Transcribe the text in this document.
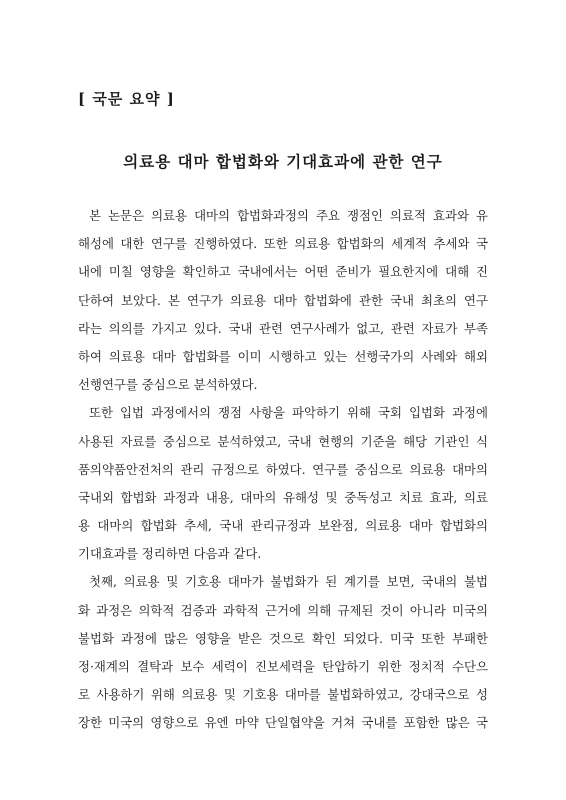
[ 국문 요약 ]
의료용 대마 합법화와 기대효과에 관한 연구
본 논문은 의료용 대마의 합법화과정의 주요 쟁점인 의료적 효과와 유
해성에 대한 연구를 진행하였다. 또한 의료용 합법화의 세계적 추세와 국
내에 미칠 영향을 확인하고 국내에서는 어떤 준비가 필요한지에 대해 진
단하여 보았다. 본 연구가 의료용 대마 합법화에 관한 국내 최초의 연구
라는 의의를 가지고 있다. 국내 관련 연구사례가 없고, 관련 자료가 부족
하여 의료용 대마 합법화를 이미 시행하고 있는 선행국가의 사례와 해외
선행연구를 중심으로 분석하였다.
또한 입법 과정에서의 쟁점 사항을 파악하기 위해 국회 입법화 과정에
사용된 자료를 중심으로 분석하였고, 국내 현행의 기준을 해당 기관인 식
품의약품안전처의 관리 규정으로 하였다. 연구를 중심으로 의료용 대마의
국내외 합법화 과정과 내용, 대마의 유해성 및 중독성고 치료 효과, 의료
용 대마의 합법화 추세, 국내 관리규정과 보완점, 의료용 대마 합법화의
기대효과를 정리하면 다음과 같다.
첫째, 의료용 및 기호용 대마가 불법화가 된 계기를 보면, 국내의 불법
화 과정은 의학적 검증과 과학적 근거에 의해 규제된 것이 아니라 미국의
불법화 과정에 많은 영향을 받은 것으로 확인 되었다. 미국 또한 부패한
정·재계의 결탁과 보수 세력이 진보세력을 탄압하기 위한 정치적 수단으
로 사용하기 위해 의료용 및 기호용 대마를 불법화하였고, 강대국으로 성
장한 미국의 영향으로 유엔 마약 단일협약을 거쳐 국내를 포함한 많은 국
